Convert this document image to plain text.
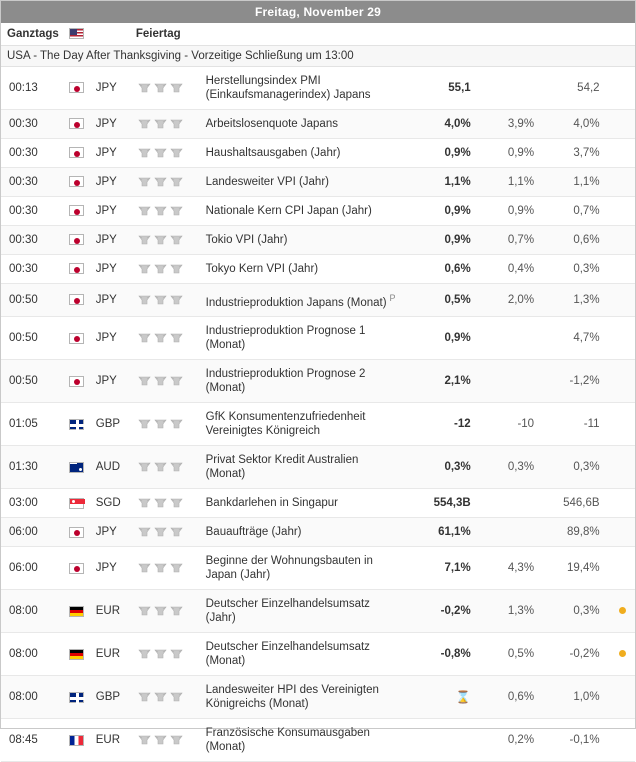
Freitag, November 29
Ganztags			Feiertag					
USA - The Day After Thanksgiving - Vorzeitige Schließung um 13:00								
00:13		JPY		Herstellungsindex PMI (Einkaufsmanagerindex) Japans	55,1		54,2	
00:30		JPY		Arbeitslosenquote Japans	4,0%	3,9%	4,0%	
00:30		JPY		Haushaltsausgaben (Jahr)	0,9%	0,9%	3,7%	
00:30		JPY		Landesweiter VPI (Jahr)	1,1%	1,1%	1,1%	
00:30		JPY		Nationale Kern CPI Japan (Jahr)	0,9%	0,9%	0,7%	
00:30		JPY		Tokio VPI (Jahr)	0,9%	0,7%	0,6%	
00:30		JPY		Tokyo Kern VPI (Jahr)	0,6%	0,4%	0,3%	
00:50		JPY		Industrieproduktion Japans (Monat) $^P$	0,5%	2,0%	1,3%	
00:50		JPY		Industrieproduktion Prognose 1 (Monat)	0,9%		4,7%	
00:50		JPY		Industrieproduktion Prognose 2 (Monat)	2,1%		-1,2%	
01:05		GBP		GfK Konsumentenzufriedenheit Vereinigtes Königreich	-12	-10	-11	
01:30		AUD		Privat Sektor Kredit Australien (Monat)	0,3%	0,3%	0,3%	
03:00		SGD		Bankdarlehen in Singapur	554,3B		546,6B	
06:00		JPY		Bauaufträge (Jahr)	61,1%		89,8%	
06:00		JPY		Beginne der Wohnungsbauten in Japan (Jahr)	7,1%	4,3%	19,4%	
08:00		EUR		Deutscher Einzelhandelsumsatz (Jahr)	-0,2%	1,3%	0,3%	
08:00		EUR		Deutscher Einzelhandelsumsatz (Monat)	-0,8%	0,5%	-0,2%	
08:00		GBP		Landesweiter HPI des Vereinigten Königreichs (Monat)	⌛	0,6%	1,0%	
08:45		EUR		Französische Konsumausgaben (Monat)		0,2%	-0,1%	
